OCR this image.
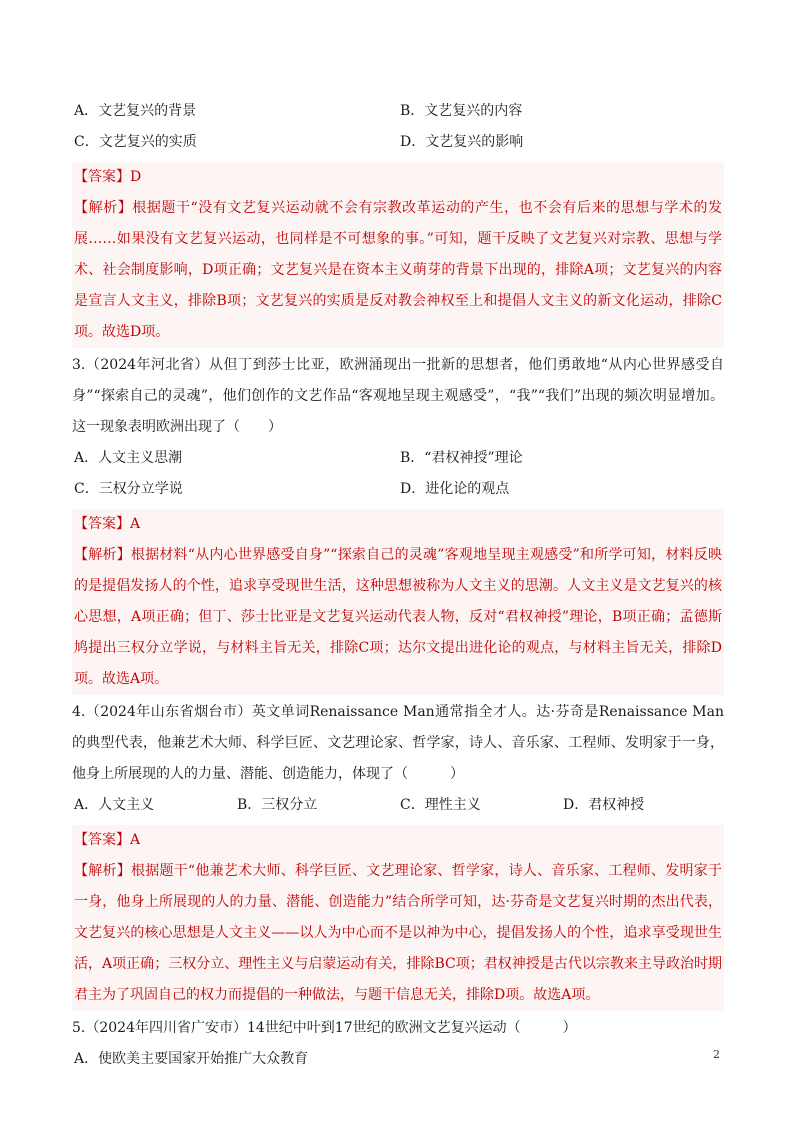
A．文艺复兴的背景	B．文艺复兴的内容
C．文艺复兴的实质	D．文艺复兴的影响
【答案】D
【解析】根据题干“没有文艺复兴运动就不会有宗教改革运动的产生，也不会有后来的思想与学术的发展……如果没有文艺复兴运动，也同样是不可想象的事。”可知，题干反映了文艺复兴对宗教、思想与学术、社会制度影响，D项正确；文艺复兴是在资本主义萌芽的背景下出现的，排除A项；文艺复兴的内容是宣言人文主义，排除B项；文艺复兴的实质是反对教会神权至上和提倡人文主义的新文化运动，排除C项。故选D项。
3.（2024年河北省）从但丁到莎士比亚，欧洲涌现出一批新的思想者，他们勇敢地“从内心世界感受自身”“探索自己的灵魂”，他们创作的文艺作品“客观地呈现主观感受”，“我”“我们”出现的频次明显增加。这一现象表明欧洲出现了（　　）
A．人文主义思潮	B．“君权神授”理论
C．三权分立学说	D．进化论的观点
【答案】A
【解析】根据材料“从内心世界感受自身”“探索自己的灵魂”客观地呈现主观感受”和所学可知，材料反映的是提倡发扬人的个性，追求享受现世生活，这种思想被称为人文主义的思潮。人文主义是文艺复兴的核心思想，A项正确；但丁、莎士比亚是文艺复兴运动代表人物，反对“君权神授”理论，B项正确；孟德斯鸠提出三权分立学说，与材料主旨无关，排除C项；达尔文提出进化论的观点，与材料主旨无关，排除D项。故选A项。
4.（2024年山东省烟台市）英文单词Renaissance Man通常指全才人。达·芬奇是Renaissance Man的典型代表，他兼艺术大师、科学巨匠、文艺理论家、哲学家，诗人、音乐家、工程师、发明家于一身，他身上所展现的人的力量、潜能、创造能力，体现了（　　　）
A．人文主义	B．三权分立	C．理性主义	D．君权神授
【答案】A
【解析】根据题干“他兼艺术大师、科学巨匠、文艺理论家、哲学家，诗人、音乐家、工程师、发明家于一身，他身上所展现的人的力量、潜能、创造能力”结合所学可知，达·芬奇是文艺复兴时期的杰出代表，文艺复兴的核心思想是人文主义——以人为中心而不是以神为中心，提倡发扬人的个性，追求享受现世生活，A项正确；三权分立、理性主义与启蒙运动有关，排除BC项；君权神授是古代以宗教来主导政治时期君主为了巩固自己的权力而提倡的一种做法，与题干信息无关，排除D项。故选A项。
5.（2024年四川省广安市）14世纪中叶到17世纪的欧洲文艺复兴运动（　　　）
A．使欧美主要国家开始推广大众教育	2
